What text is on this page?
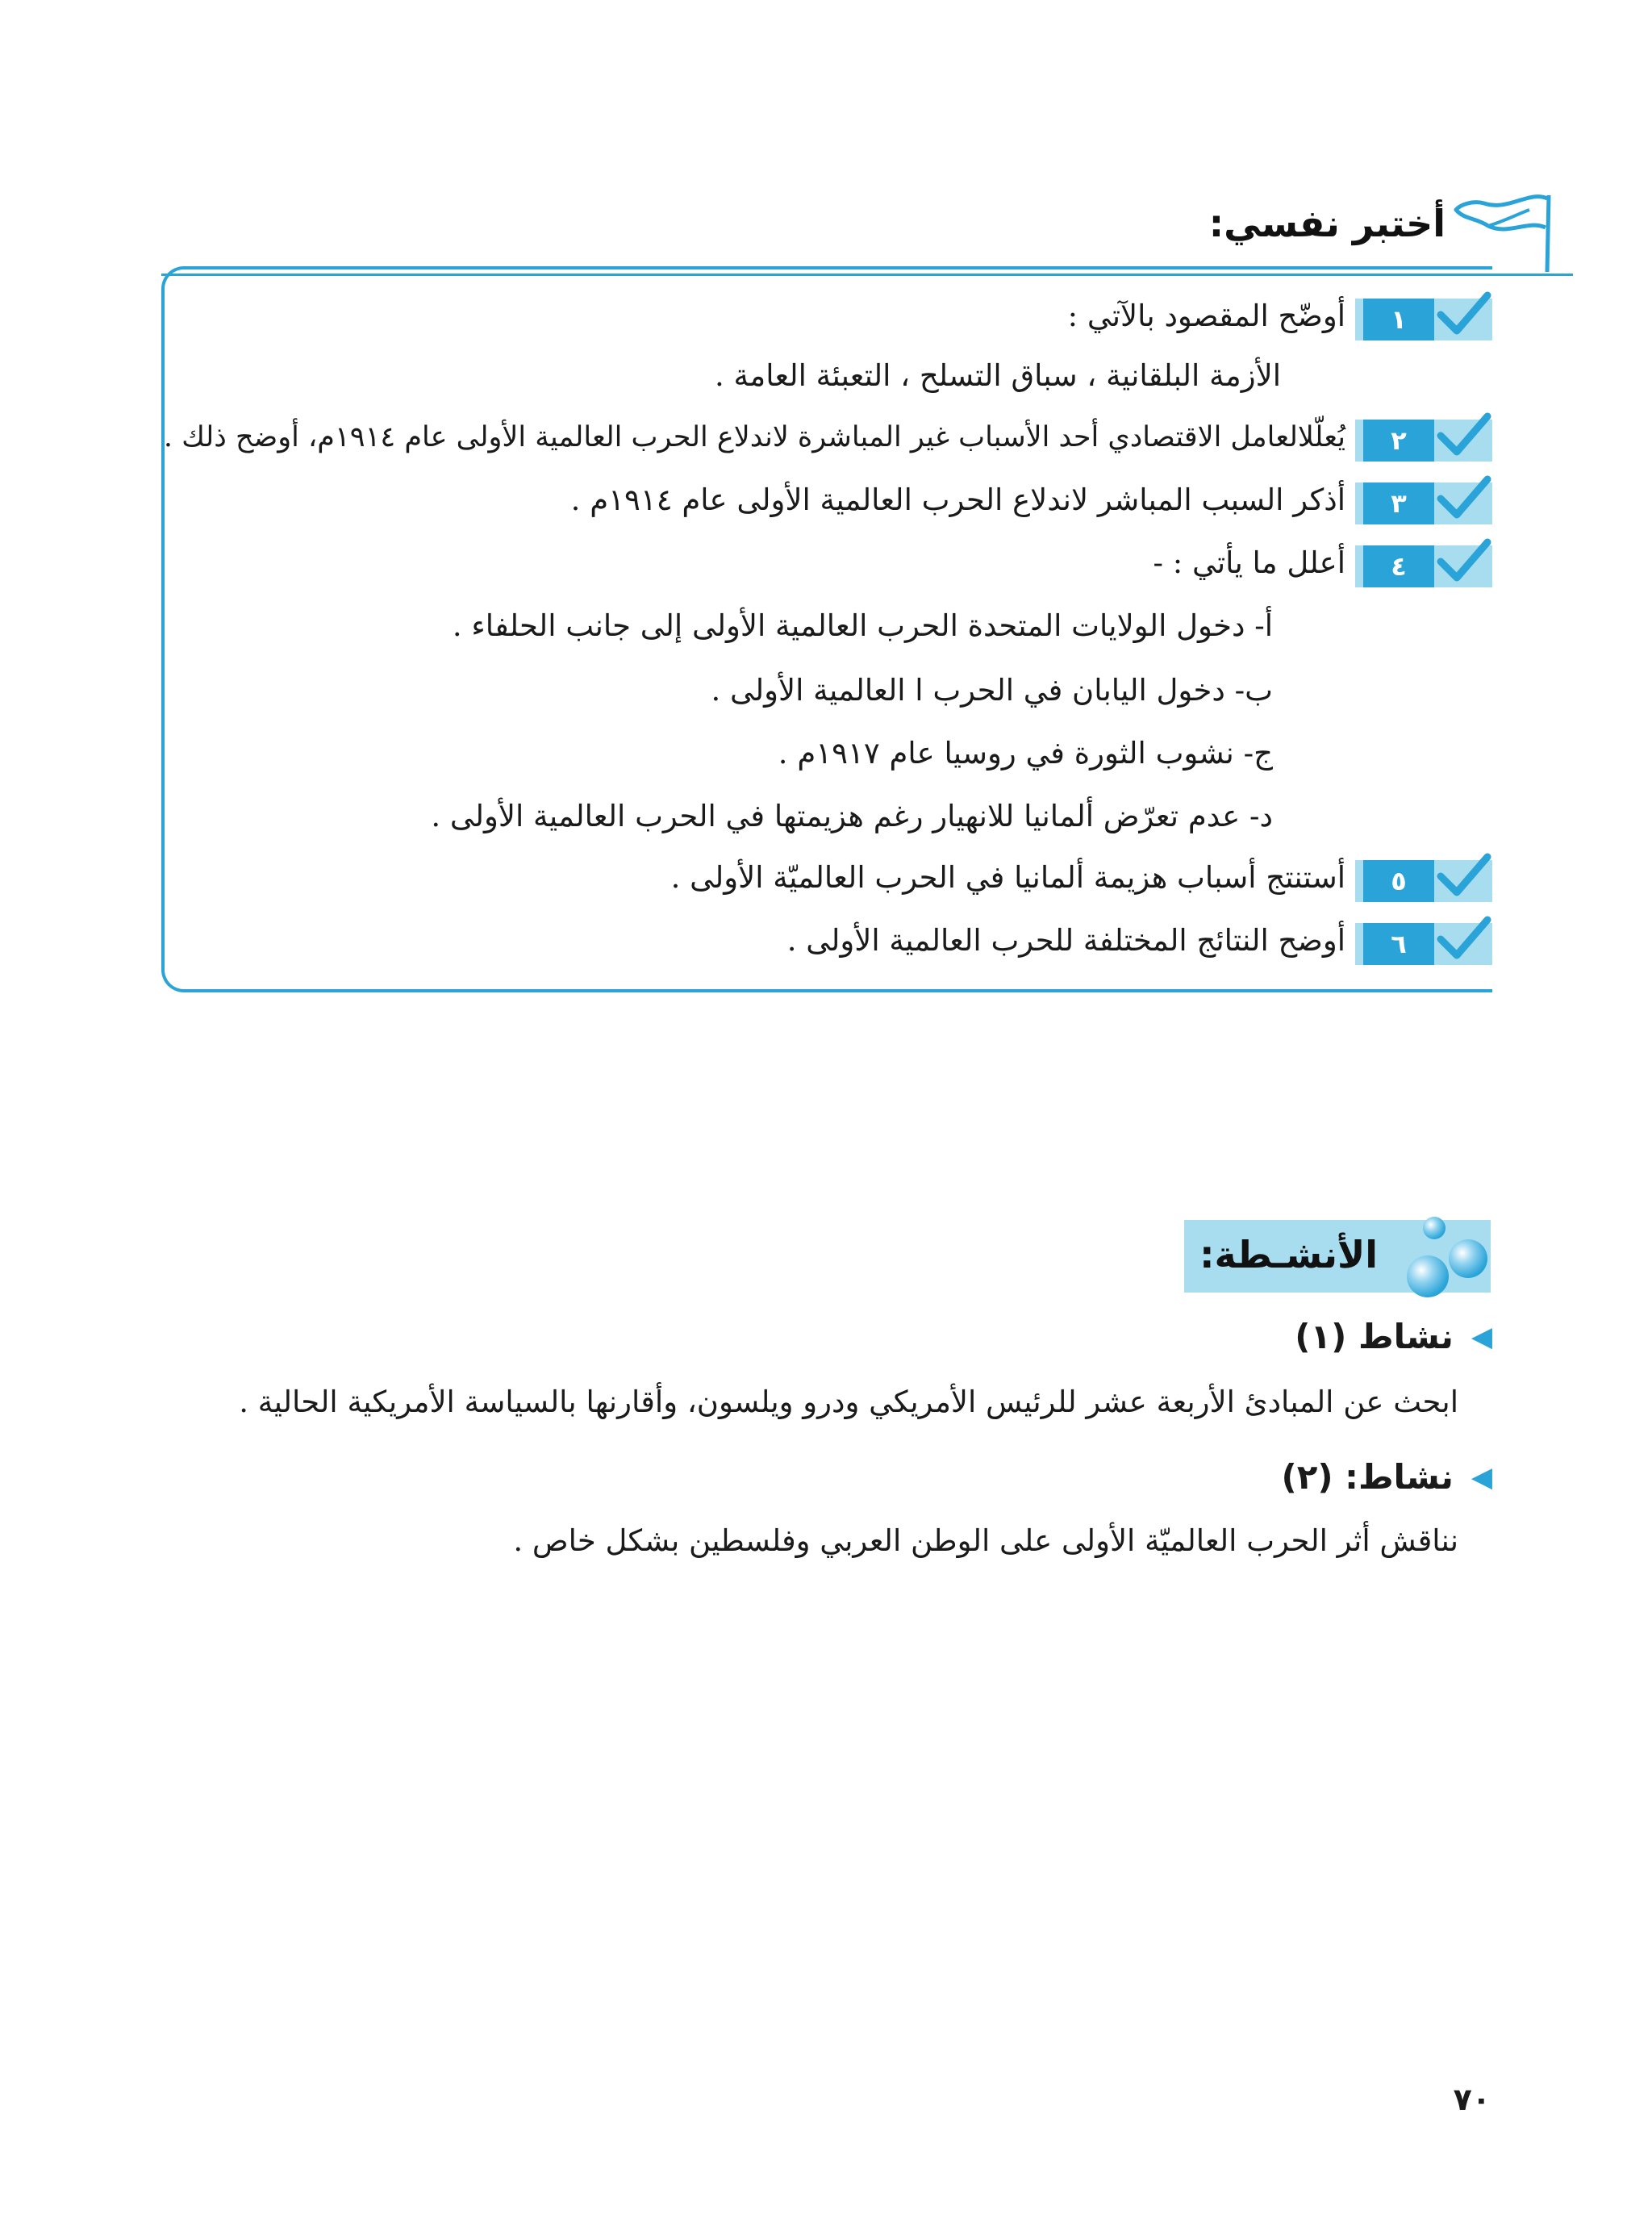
أختبر نفسي:
١
أوضّح المقصود بالآتي :
الأزمة البلقانية ، سباق التسلح ، التعبئة العامة .
٢
يُعلّلالعامل الاقتصادي أحد الأسباب غير المباشرة لاندلاع الحرب العالمية الأولى عام ١٩١٤م، أوضح ذلك .
٣
أذكر السبب المباشر لاندلاع الحرب العالمية الأولى عام ١٩١٤م .
٤
أعلل ما يأتي : -
أ- دخول الولايات المتحدة الحرب العالمية الأولى إلى جانب الحلفاء .
ب- دخول اليابان في الحرب ا العالمية الأولى .
ج- نشوب الثورة في روسيا عام ١٩١٧م .
د- عدم تعرّض ألمانيا للانهيار رغم هزيمتها في الحرب العالمية الأولى .
٥
أستنتج أسباب هزيمة ألمانيا في الحرب العالميّة الأولى .
٦
أوضح النتائج المختلفة للحرب العالمية الأولى .
الأنشـطة:
◀نشاط (١)
ابحث عن المبادئ الأربعة عشر للرئيس الأمريكي ودرو ويلسون، وأقارنها بالسياسة الأمريكية الحالية .
◀نشاط: (٢)
نناقش أثر الحرب العالميّة الأولى على الوطن العربي وفلسطين بشكل خاص .
٧٠
